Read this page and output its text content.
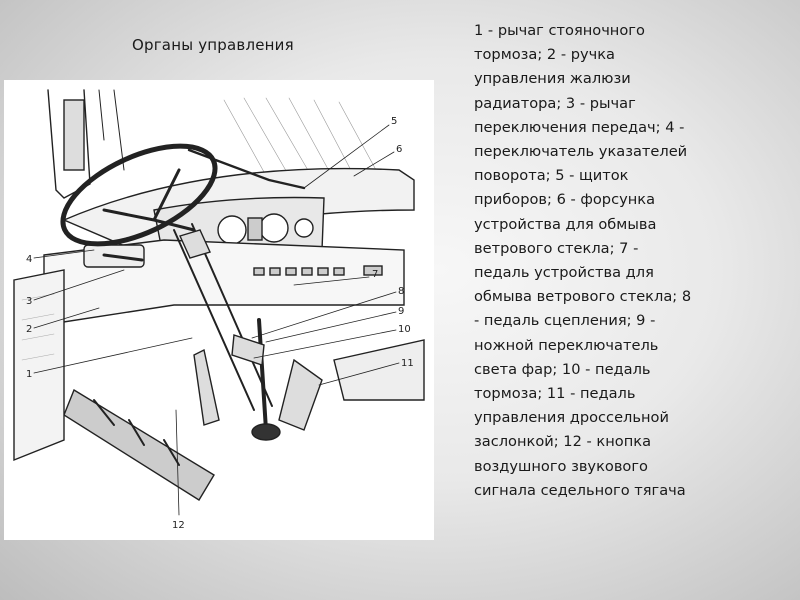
Органы управления
1
2
3
4
5
6
7
8
9
10
11
12
1 - рычаг стояночного
тормоза; 2 - ручка
управления жалюзи
радиатора; 3 - рычаг
переключения передач; 4 -
переключатель указателей
поворота; 5 - щиток
приборов; 6 - форсунка
устройства для обмыва
ветрового стекла; 7 -
педаль устройства для
обмыва ветрового стекла; 8
- педаль сцепления; 9 -
ножной переключатель
света фар; 10 - педаль
тормоза; 11 - педаль
управления дроссельной
заслонкой; 12 - кнопка
воздушного звукового
сигнала седельного тягача
